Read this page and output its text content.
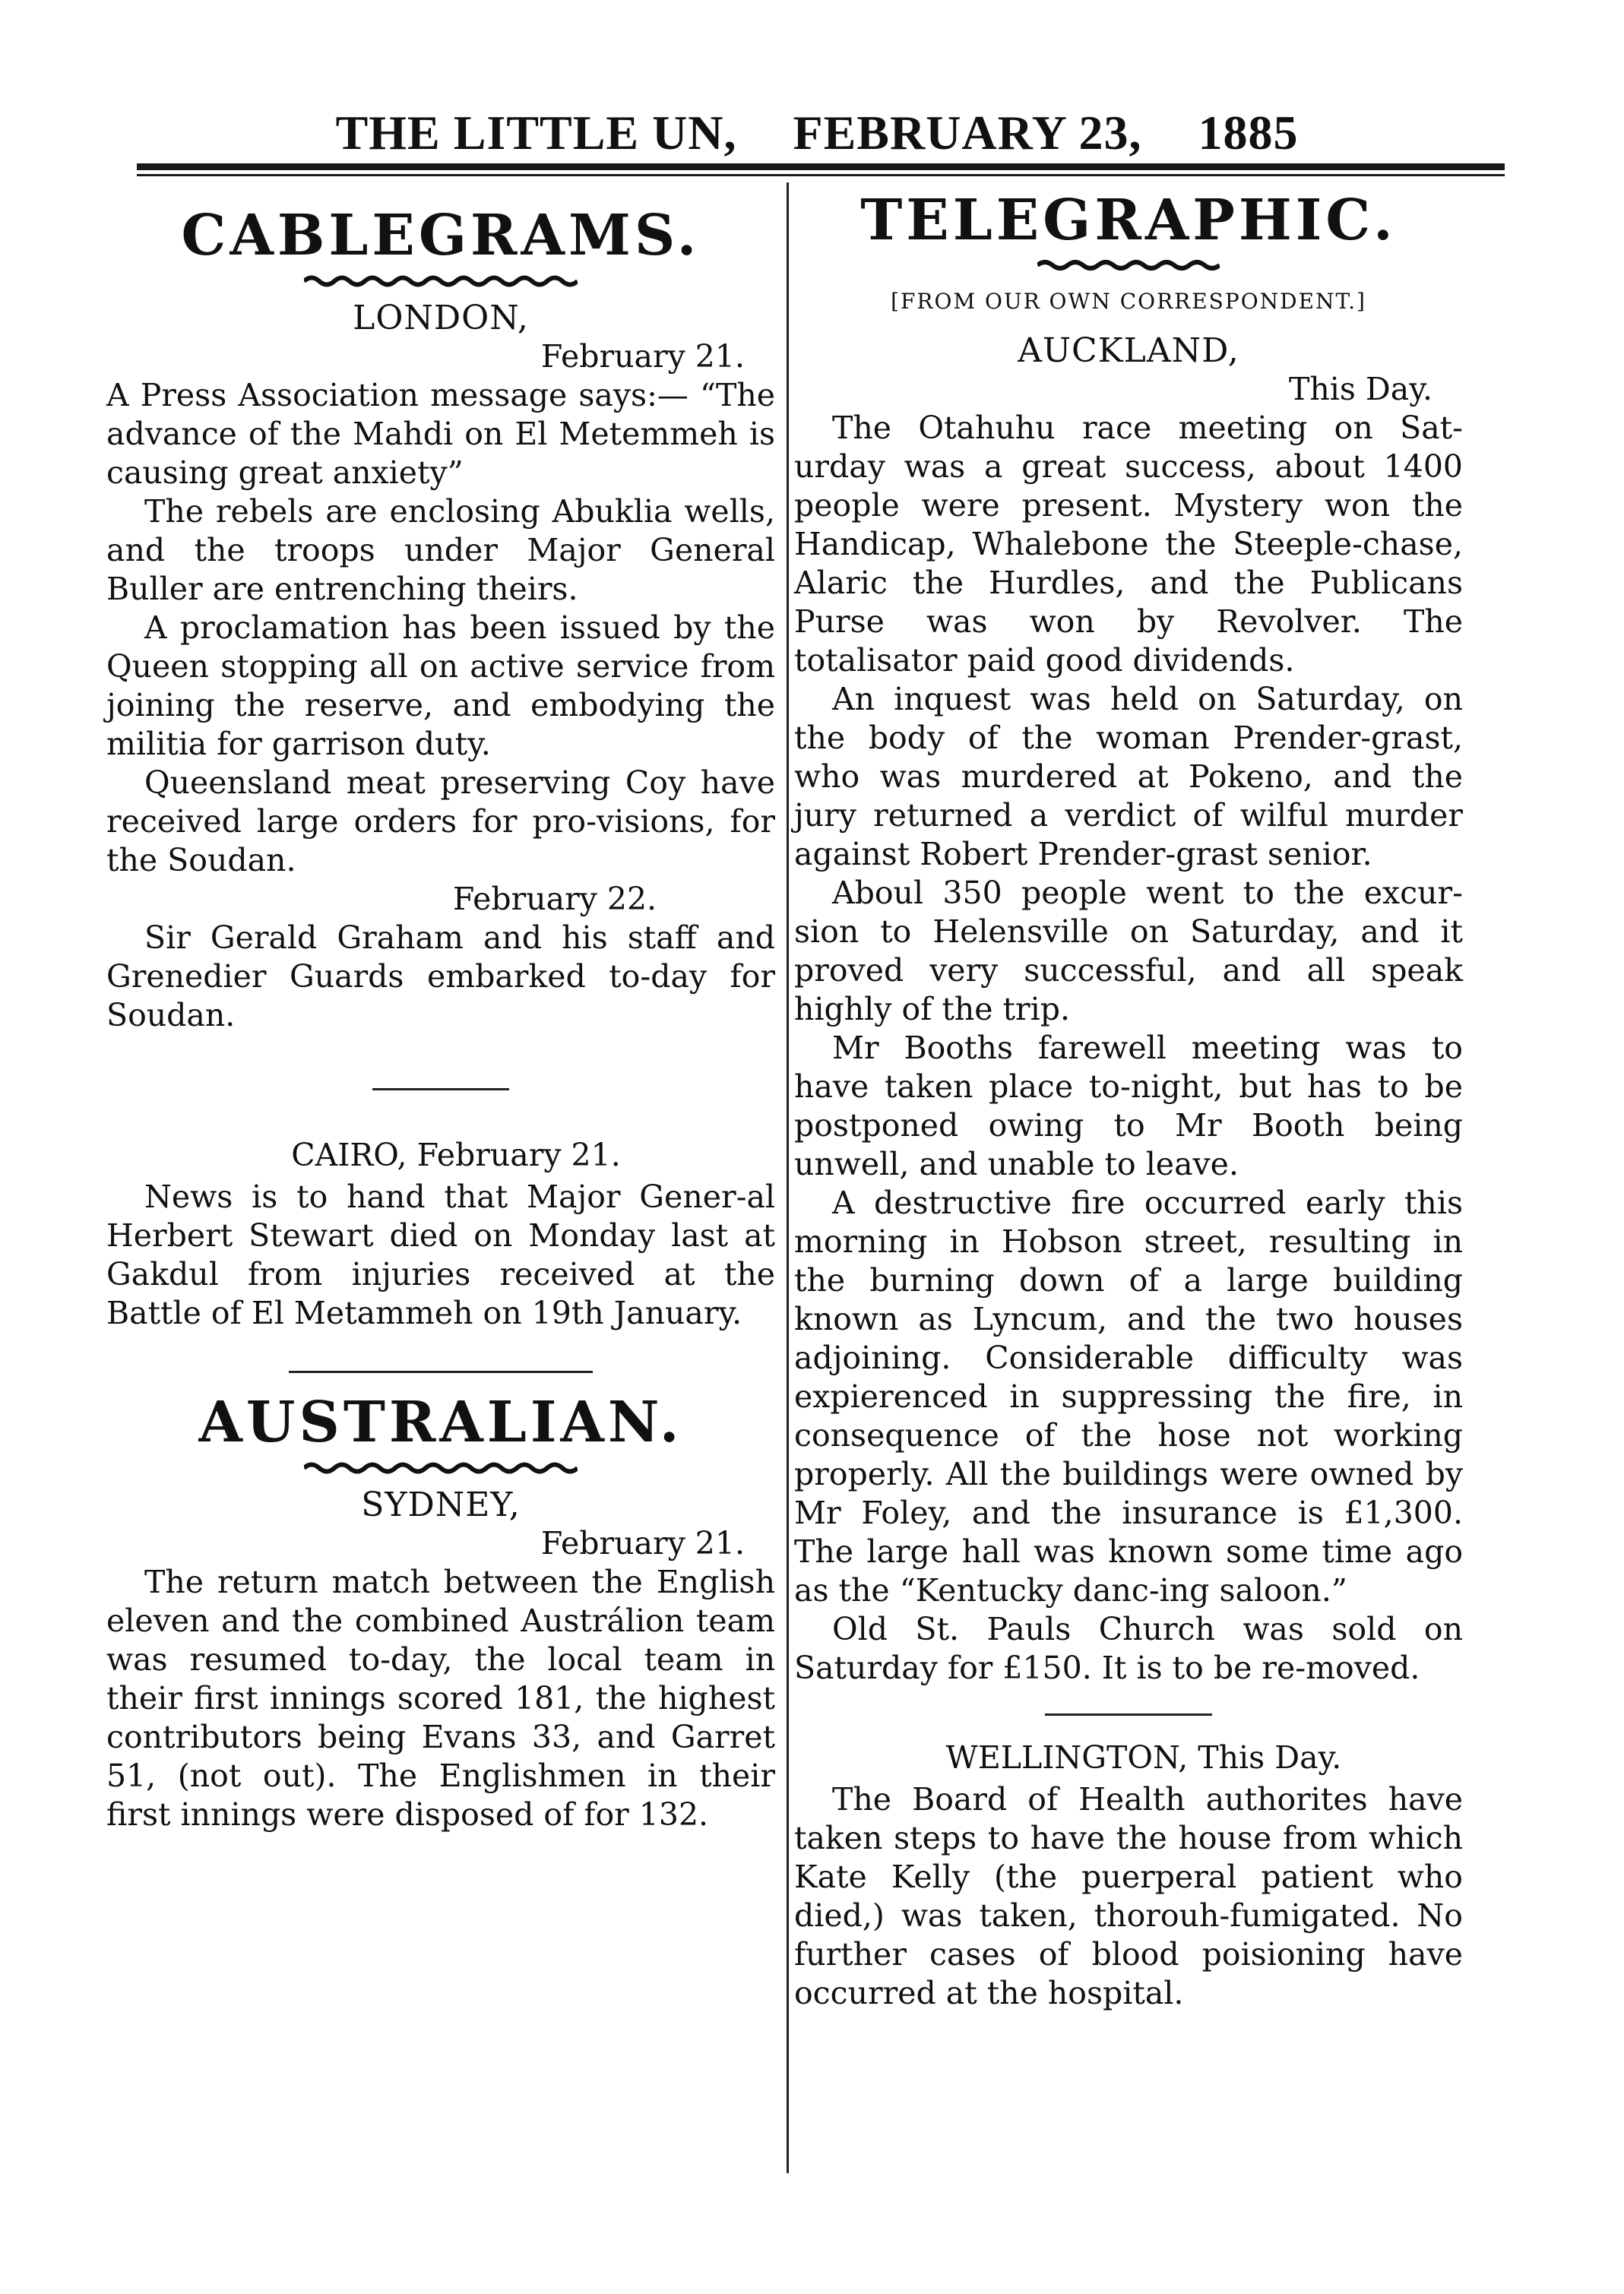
THE LITTLE UN, FEBRUARY 23, 1885
CABLEGRAMS.
LONDON,
February 21.

A Press Association message says:— “The advance of the Mahdi on El Metemmeh is causing great anxiety”

The rebels are enclosing Abuklia wells, and the troops under Major General Buller are entrenching theirs.

A proclamation has been issued by the Queen stopping all on active service from joining the reserve, and embodying the militia for garrison duty.

Queensland meat preserving Coy have received large orders for pro-visions, for the Soudan.

February 22.

Sir Gerald Graham and his staff and Grenedier Guards embarked to-day for Soudan.

CAIRO, February 21.

News is to hand that Major Gener-al Herbert Stewart died on Monday last at Gakdul from injuries received at the Battle of El Metammeh on 19th January.

AUSTRALIAN.
SYDNEY,
February 21.

The return match between the English eleven and the combined Austrálion team was resumed to-day, the local team in their first innings scored 181, the highest contributors being Evans 33, and Garret 51, (not out). The Englishmen in their first innings were disposed of for 132.

TELEGRAPHIC.
[FROM OUR OWN CORRESPONDENT.]
AUCKLAND,
This Day.

The Otahuhu race meeting on Sat-urday was a great success, about 1400 people were present. Mystery won the Handicap, Whalebone the Steeple-chase, Alaric the Hurdles, and the Publicans Purse was won by Revolver. The totalisator paid good dividends.

An inquest was held on Saturday, on the body of the woman Prender-grast, who was murdered at Pokeno, and the jury returned a verdict of wilful murder against Robert Prender-grast senior.

Aboul 350 people went to the excur-sion to Helensville on Saturday, and it proved very successful, and all speak highly of the trip.

Mr Booths farewell meeting was to have taken place to-night, but has to be postponed owing to Mr Booth being unwell, and unable to leave.

A destructive fire occurred early this morning in Hobson street, resulting in the burning down of a large building known as Lyncum, and the two houses adjoining. Considerable difficulty was expierenced in suppressing the fire, in consequence of the hose not working properly. All the buildings were owned by Mr Foley, and the insurance is £1,300. The large hall was known some time ago as the “Kentucky danc-ing saloon.”

Old St. Pauls Church was sold on Saturday for £150. It is to be re-moved.

WELLINGTON, This Day.

The Board of Health authorites have taken steps to have the house from which Kate Kelly (the puerperal patient who died,) was taken, thorouh-fumigated. No further cases of blood poisioning have occurred at the hospital.
